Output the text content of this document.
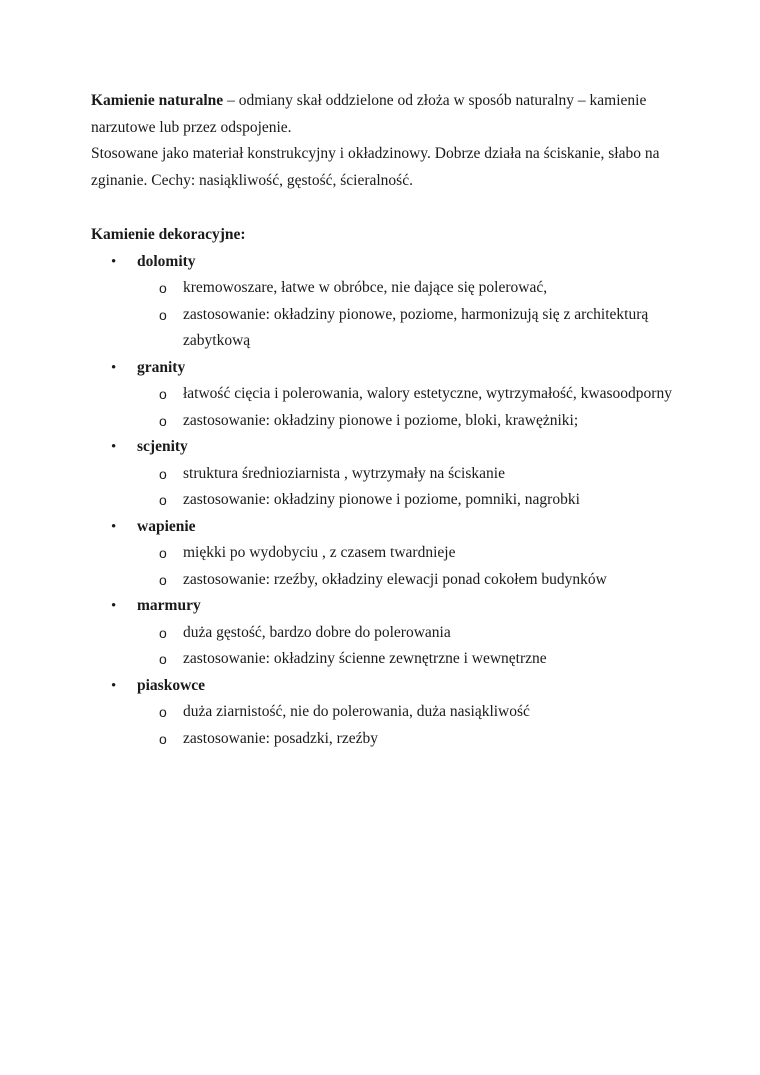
Kamienie naturalne – odmiany skał oddzielone od złoża w sposób naturalny – kamienie narzutowe lub przez odspojenie.

Stosowane jako materiał konstrukcyjny i okładzinowy. Dobrze działa na ściskanie, słabo na zginanie. Cechy: nasiąkliwość, gęstość, ścieralność.

Kamienie dekoracyjne:

• dolomity
o kremowoszare, łatwe w obróbce, nie dające się polerować,
o zastosowanie: okładziny pionowe, poziome, harmonizują się z architekturą zabytkową
• granity
o łatwość cięcia i polerowania, walory estetyczne, wytrzymałość, kwasoodporny
o zastosowanie: okładziny pionowe i poziome, bloki, krawężniki;
• scjenity
o struktura średnioziarnista , wytrzymały na ściskanie
o zastosowanie: okładziny pionowe i poziome, pomniki, nagrobki
• wapienie
o miękki po wydobyciu , z czasem twardnieje
o zastosowanie: rzeźby, okładziny elewacji ponad cokołem budynków
• marmury
o duża gęstość, bardzo dobre do polerowania
o zastosowanie: okładziny ścienne zewnętrzne i wewnętrzne
• piaskowce
o duża ziarnistość, nie do polerowania, duża nasiąkliwość
o zastosowanie: posadzki, rzeźby
